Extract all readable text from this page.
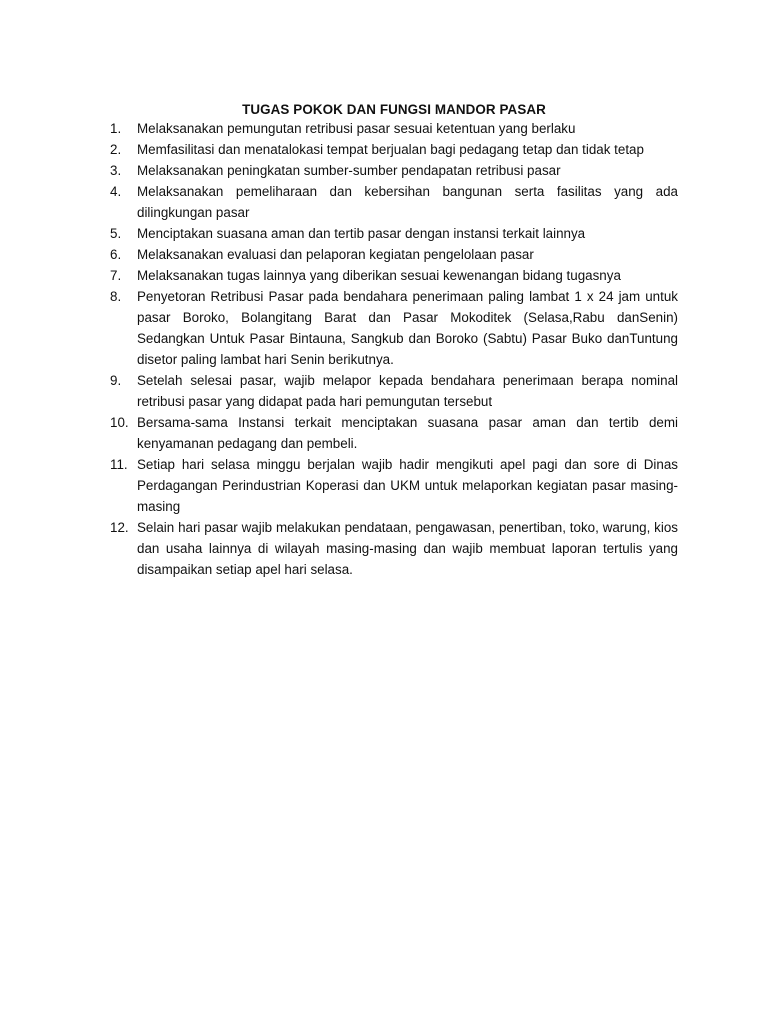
TUGAS POKOK DAN FUNGSI MANDOR PASAR
1. Melaksanakan pemungutan retribusi pasar sesuai ketentuan yang berlaku
2. Memfasilitasi dan menatalokasi tempat berjualan bagi pedagang tetap dan tidak tetap
3. Melaksanakan peningkatan sumber-sumber pendapatan retribusi pasar
4. Melaksanakan pemeliharaan dan kebersihan bangunan serta fasilitas yang ada dilingkungan pasar
5. Menciptakan suasana aman dan tertib pasar dengan instansi terkait lainnya
6. Melaksanakan evaluasi dan pelaporan kegiatan pengelolaan pasar
7. Melaksanakan tugas lainnya yang diberikan sesuai kewenangan bidang tugasnya
8. Penyetoran Retribusi Pasar pada bendahara penerimaan paling lambat 1 x 24 jam untuk pasar Boroko, Bolangitang Barat dan Pasar Mokoditek (Selasa,Rabu danSenin) Sedangkan Untuk Pasar Bintauna, Sangkub dan Boroko (Sabtu) Pasar Buko danTuntung disetor paling lambat hari Senin berikutnya.
9. Setelah selesai pasar, wajib melapor kepada bendahara penerimaan berapa nominal retribusi pasar yang didapat pada hari pemungutan tersebut
10. Bersama-sama Instansi terkait menciptakan suasana pasar aman dan tertib demi kenyamanan pedagang dan pembeli.
11. Setiap hari selasa minggu berjalan wajib hadir mengikuti apel pagi dan sore di Dinas Perdagangan Perindustrian Koperasi dan UKM untuk melaporkan kegiatan pasar masing-masing
12. Selain hari pasar wajib melakukan pendataan, pengawasan, penertiban, toko, warung, kios dan usaha lainnya di wilayah masing-masing dan wajib membuat laporan tertulis yang disampaikan setiap apel hari selasa.
